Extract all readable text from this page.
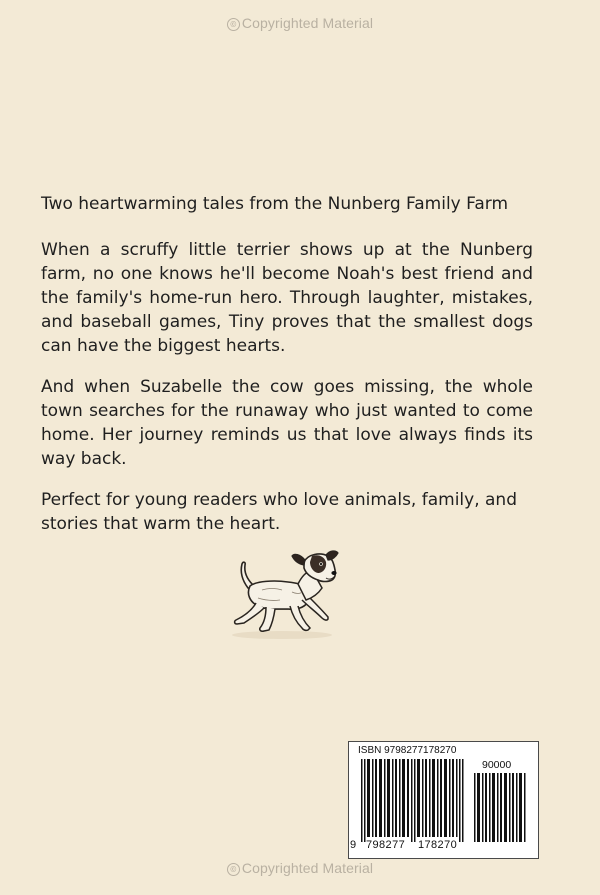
© Copyrighted Material
Two heartwarming tales from the Nunberg Family Farm
When a scruffy little terrier shows up at the Nunberg farm, no one knows he'll become Noah's best friend and the family's home-run hero. Through laughter, mistakes, and baseball games, Tiny proves that the smallest dogs can have the biggest hearts.
And when Suzabelle the cow goes missing, the whole town searches for the runaway who just wanted to come home. Her journey reminds us that love always finds its way back.
Perfect for young readers who love animals, family, and stories that warm the heart.
ISBN 9798277178270
90000
9 798277 178270
© Copyrighted Material
